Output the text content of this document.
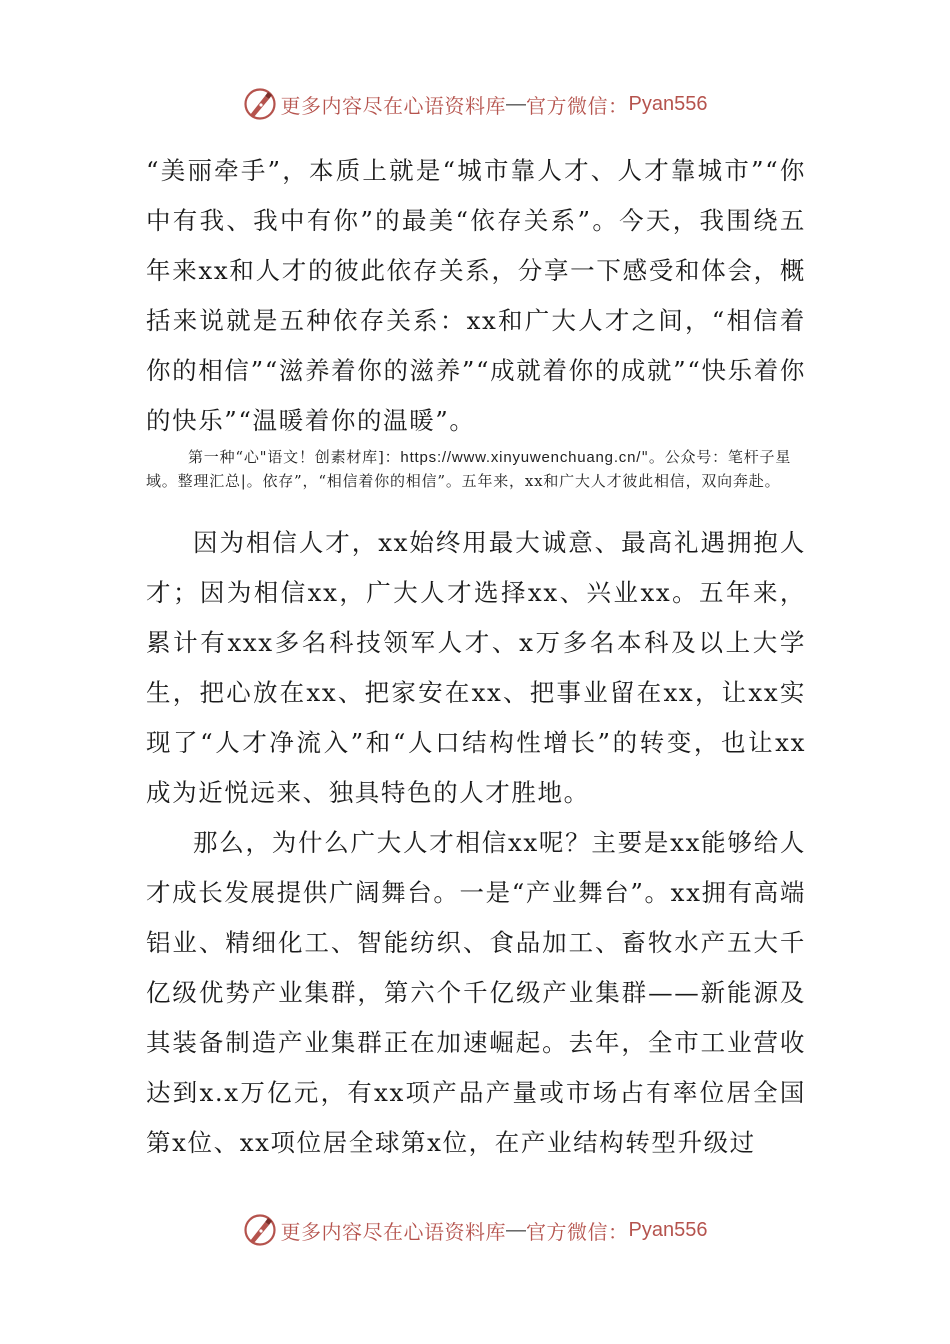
更多内容尽在心语资料库 — 官方微信： Pyan556

“美丽牵手”，本质上就是“城市靠人才、人才靠城市”“你中有我、我中有你”的最美“依存关系”。今天，我围绕五年来xx和人才的彼此依存关系，分享一下感受和体会，概括来说就是五种依存关系：xx和广大人才之间，“相信着你的相信”“滋养着你的滋养”“成就着你的成就”“快乐着你的快乐”“温暖着你的温暖”。

第一种“心"语文！创素材库]：https://www.xinyuwenchuang.cn/"。公众号：笔杆子星域。整理汇总|。依存”，“相信着你的相信”。五年来，xx和广大人才彼此相信，双向奔赴。

因为相信人才，xx始终用最大诚意、最高礼遇拥抱人才；因为相信xx，广大人才选择xx、兴业xx。五年来，累计有xxx多名科技领军人才、x万多名本科及以上大学生，把心放在xx、把家安在xx、把事业留在xx，让xx实现了“人才净流入”和“人口结构性增长”的转变，也让xx成为近悦远来、独具特色的人才胜地。

那么，为什么广大人才相信xx呢？主要是xx能够给人才成长发展提供广阔舞台。一是“产业舞台”。xx拥有高端铝业、精细化工、智能纺织、食品加工、畜牧水产五大千亿级优势产业集群，第六个千亿级产业集群——新能源及其装备制造产业集群正在加速崛起。去年，全市工业营收达到x.x万亿元，有xx项产品产量或市场占有率位居全国第x位、xx项位居全球第x位，在产业结构转型升级过

更多内容尽在心语资料库 — 官方微信： Pyan556
